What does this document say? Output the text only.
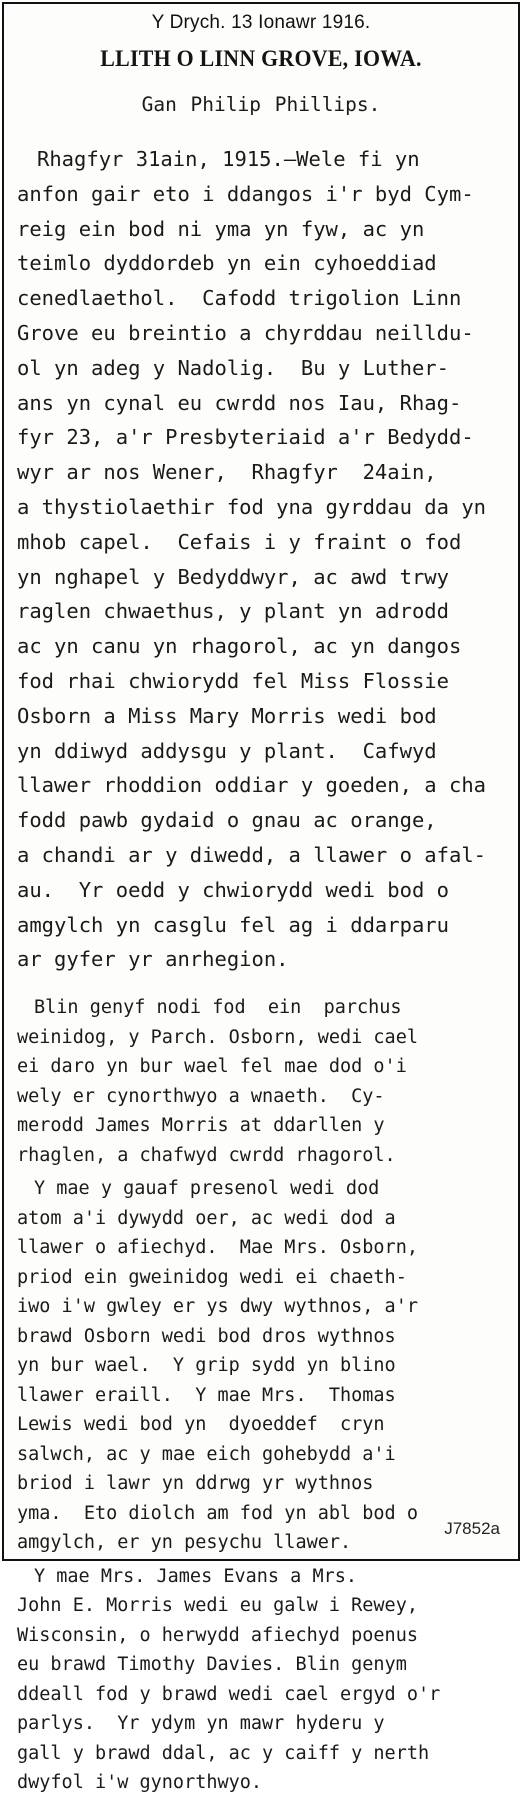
Y Drych. 13 Ionawr 1916.
LLITH O LINN GROVE, IOWA.
Gan Philip Phillips.

Rhagfyr 31ain, 1915.—Wele fi yn
anfon gair eto i ddangos i'r byd Cym-
reig ein bod ni yma yn fyw, ac yn
teimlo dyddordeb yn ein cyhoeddiad
cenedlaethol.  Cafodd trigolion Linn
Grove eu breintio a chyrddau neilldu-
ol yn adeg y Nadolig.  Bu y Luther-
ans yn cynal eu cwrdd nos Iau, Rhag-
fyr 23, a'r Presbyteriaid a'r Bedydd-
wyr ar nos Wener,  Rhagfyr  24ain,
a thystiolaethir fod yna gyrddau da yn
mhob capel.  Cefais i y fraint o fod
yn nghapel y Bedyddwyr, ac awd trwy
raglen chwaethus, y plant yn adrodd
ac yn canu yn rhagorol, ac yn dangos
fod rhai chwiorydd fel Miss Flossie
Osborn a Miss Mary Morris wedi bod
yn ddiwyd addysgu y plant.  Cafwyd
llawer rhoddion oddiar y goeden, a cha
fodd pawb gydaid o gnau ac orange,
a chandi ar y diwedd, a llawer o afal-
au.  Yr oedd y chwiorydd wedi bod o
amgylch yn casglu fel ag i ddarparu
ar gyfer yr anrhegion.

Blin genyf nodi fod  ein  parchus
weinidog, y Parch. Osborn, wedi cael
ei daro yn bur wael fel mae dod o'i
wely er cynorthwyo a wnaeth.  Cy-
merodd James Morris at ddarllen y
rhaglen, a chafwyd cwrdd rhagorol.

Y mae y gauaf presenol wedi dod
atom a'i dywydd oer, ac wedi dod a
llawer o afiechyd.  Mae Mrs. Osborn,
priod ein gweinidog wedi ei chaeth-
iwo i'w gwley er ys dwy wythnos, a'r
brawd Osborn wedi bod dros wythnos
yn bur wael.  Y grip sydd yn blino
llawer eraill.  Y mae Mrs.  Thomas
Lewis wedi bod yn  dyoeddef  cryn
salwch, ac y mae eich gohebydd a'i
briod i lawr yn ddrwg yr wythnos
yma.  Eto diolch am fod yn abl bod o
amgylch, er yn pesychu llawer.

Y mae Mrs. James Evans a Mrs.
John E. Morris wedi eu galw i Rewey,
Wisconsin, o herwydd afiechyd poenus
eu brawd Timothy Davies. Blin genym
ddeall fod y brawd wedi cael ergyd o'r
parlys.  Yr ydym yn mawr hyderu y
gall y brawd ddal, ac y caiff y nerth
dwyfol i'w gynorthwyo.

J7852a
